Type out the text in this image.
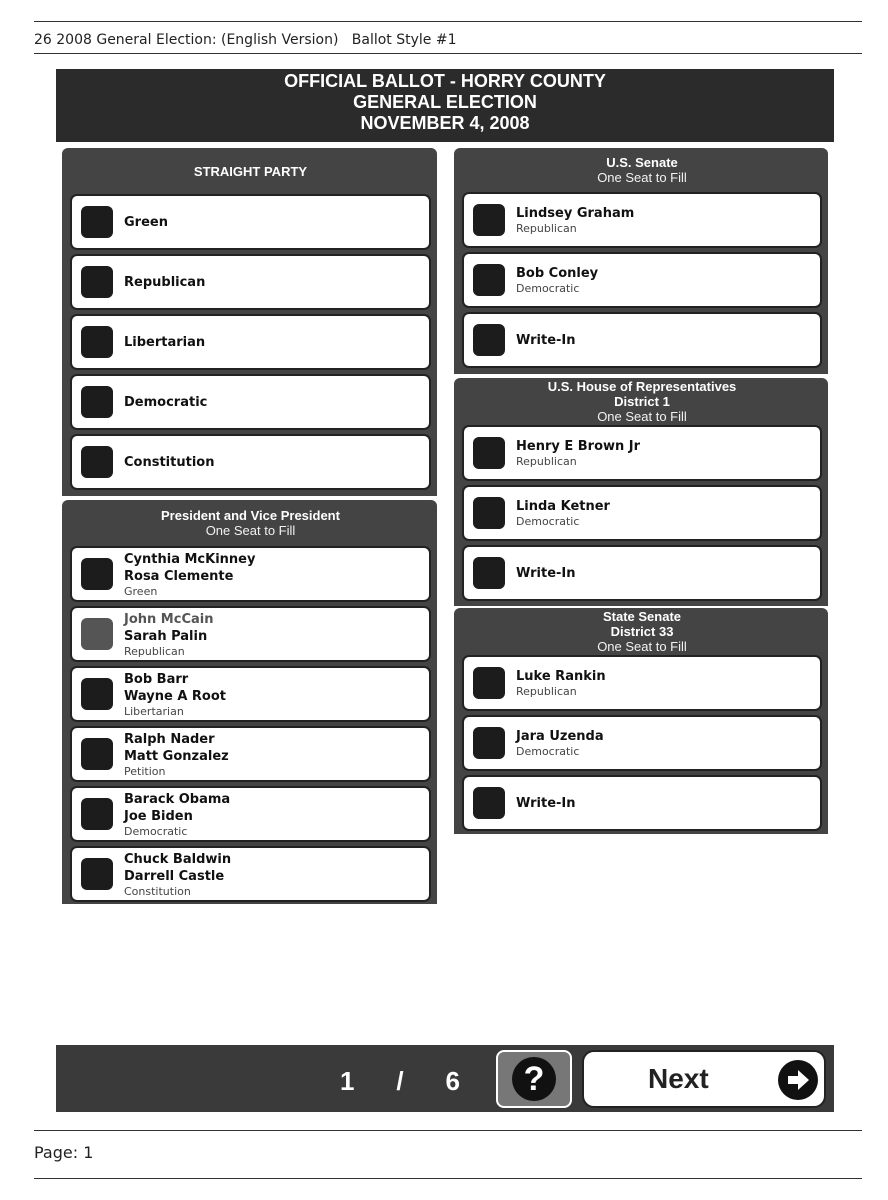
26 2008 General Election: (English Version)   Ballot Style #1
OFFICIAL BALLOT - HORRY COUNTY
GENERAL ELECTION
NOVEMBER 4, 2008
STRAIGHT PARTY
Green
Republican
Libertarian
Democratic
Constitution
President and Vice President
One Seat to Fill
Cynthia McKinney
Rosa Clemente
Green
John McCain
Sarah Palin
Republican
Bob Barr
Wayne A Root
Libertarian
Ralph Nader
Matt Gonzalez
Petition
Barack Obama
Joe Biden
Democratic
Chuck Baldwin
Darrell Castle
Constitution
U.S. Senate
One Seat to Fill
Lindsey Graham
Republican
Bob Conley
Democratic
Write-In
U.S. House of Representatives
District 1
One Seat to Fill
Henry E Brown Jr
Republican
Linda Ketner
Democratic
Write-In
State Senate
District 33
One Seat to Fill
Luke Rankin
Republican
Jara Uzenda
Democratic
Write-In
1 / 6	?	Next
Page: 1
